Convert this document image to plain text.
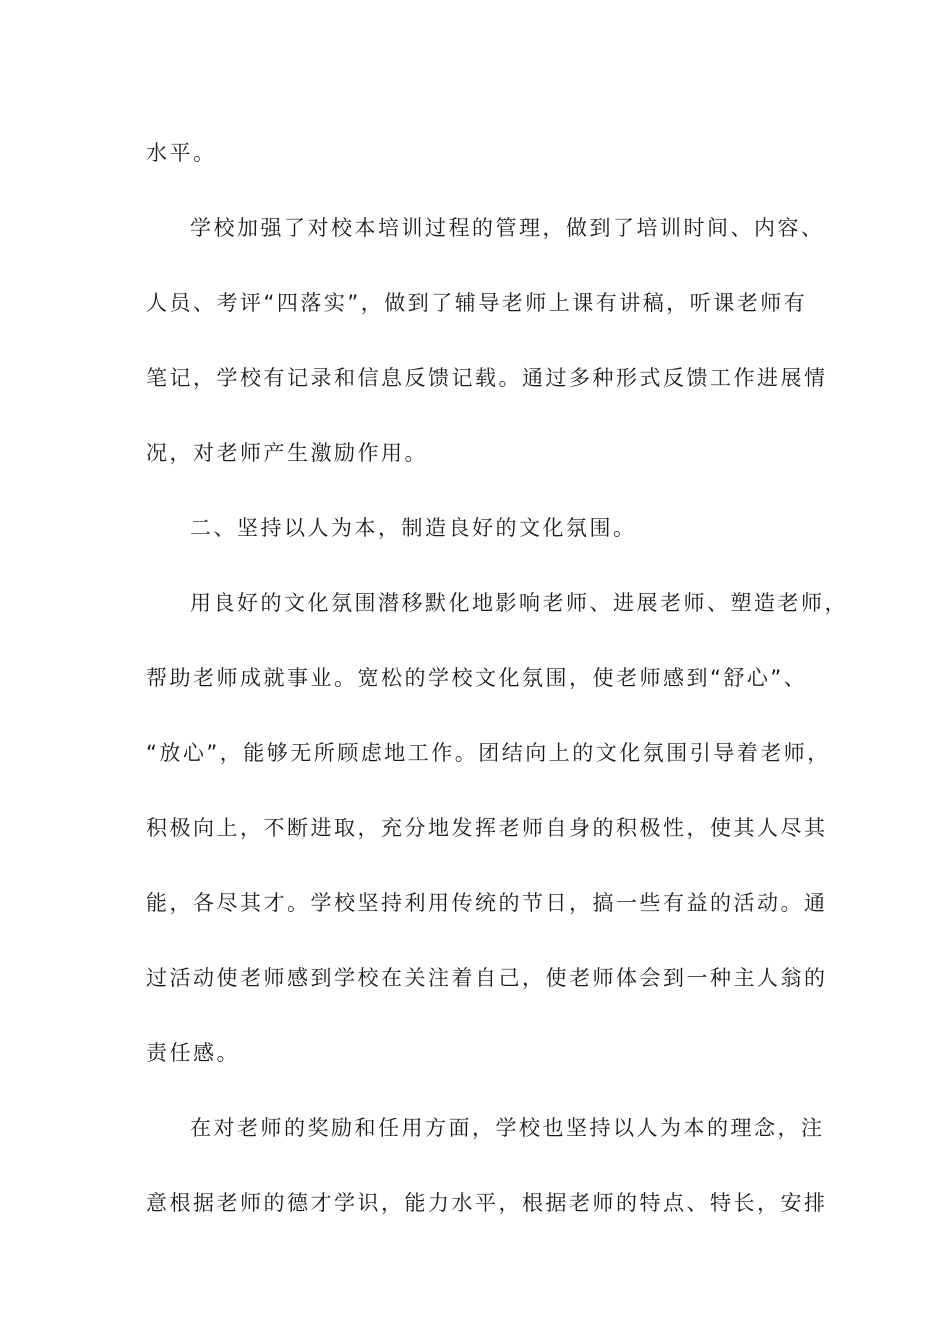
水平。
学校加强了对校本培训过程的管理，做到了培训时间、内容、
人员、考评“四落实”，做到了辅导老师上课有讲稿，听课老师有
笔记，学校有记录和信息反馈记载。通过多种形式反馈工作进展情
况，对老师产生激励作用。
二、坚持以人为本，制造良好的文化氛围。
用良好的文化氛围潜移默化地影响老师、进展老师、塑造老师，
帮助老师成就事业。宽松的学校文化氛围，使老师感到“舒心”、
“放心”，能够无所顾虑地工作。团结向上的文化氛围引导着老师，
积极向上，不断进取，充分地发挥老师自身的积极性，使其人尽其
能，各尽其才。学校坚持利用传统的节日，搞一些有益的活动。通
过活动使老师感到学校在关注着自己，使老师体会到一种主人翁的
责任感。
在对老师的奖励和任用方面，学校也坚持以人为本的理念，注
意根据老师的德才学识，能力水平，根据老师的特点、特长，安排
